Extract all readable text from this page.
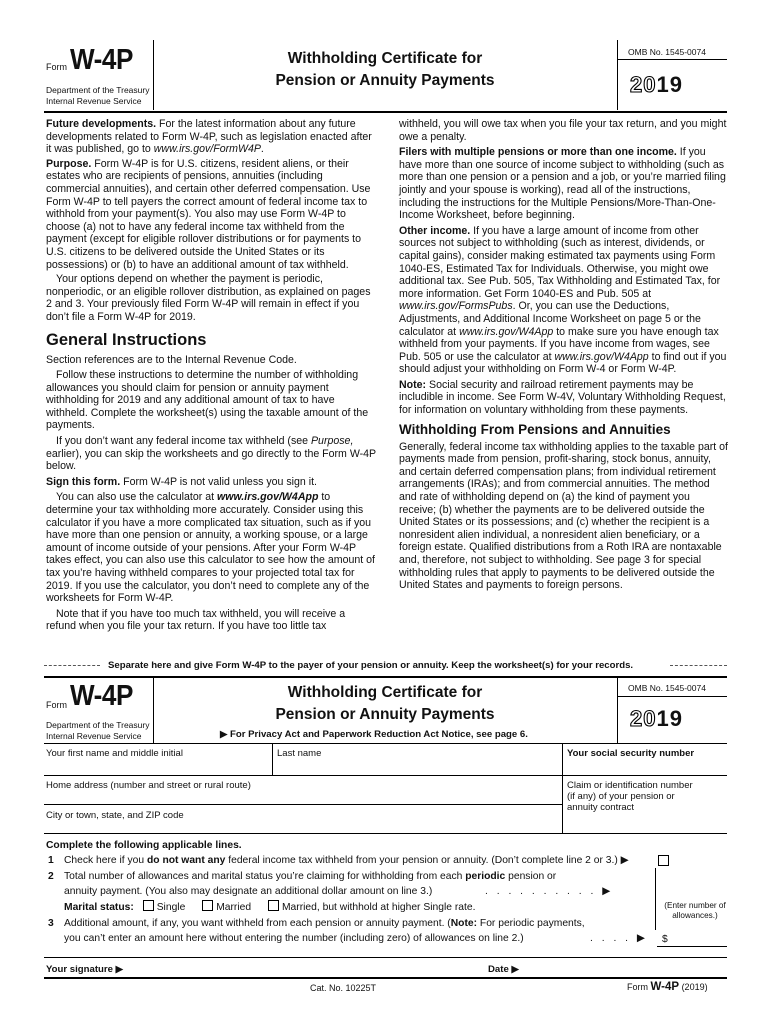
Form W-4P
Department of the Treasury
Internal Revenue Service
Withholding Certificate for
Pension or Annuity Payments
OMB No. 1545-0074
2019

Future developments. For the latest information about any future developments related to Form W-4P, such as legislation enacted after it was published, go to www.irs.gov/FormW4P.

Purpose. Form W-4P is for U.S. citizens, resident aliens, or their estates who are recipients of pensions, annuities (including commercial annuities), and certain other deferred compensation. Use Form W-4P to tell payers the correct amount of federal income tax to withhold from your payment(s). You also may use Form W-4P to choose (a) not to have any federal income tax withheld from the payment (except for eligible rollover distributions or for payments to U.S. citizens to be delivered outside the United States or its possessions) or (b) to have an additional amount of tax withheld.

Your options depend on whether the payment is periodic, nonperiodic, or an eligible rollover distribution, as explained on pages 2 and 3. Your previously filed Form W-4P will remain in effect if you don’t file a Form W-4P for 2019.

General Instructions

Section references are to the Internal Revenue Code.

Follow these instructions to determine the number of withholding allowances you should claim for pension or annuity payment withholding for 2019 and any additional amount of tax to have withheld. Complete the worksheet(s) using the taxable amount of the payments.

If you don’t want any federal income tax withheld (see Purpose, earlier), you can skip the worksheets and go directly to the Form W-4P below.

Sign this form. Form W-4P is not valid unless you sign it.

You can also use the calculator at www.irs.gov/W4App to determine your tax withholding more accurately. Consider using this calculator if you have a more complicated tax situation, such as if you have more than one pension or annuity, a working spouse, or a large amount of income outside of your pensions. After your Form W-4P takes effect, you can also use this calculator to see how the amount of tax you’re having withheld compares to your projected total tax for 2019. If you use the calculator, you don’t need to complete any of the worksheets for Form W-4P.

Note that if you have too much tax withheld, you will receive a refund when you file your tax return. If you have too little tax

withheld, you will owe tax when you file your tax return, and you might owe a penalty.

Filers with multiple pensions or more than one income. If you have more than one source of income subject to withholding (such as more than one pension or a pension and a job, or you’re married filing jointly and your spouse is working), read all of the instructions, including the instructions for the Multiple Pensions/More-Than-One-Income Worksheet, before beginning.

Other income. If you have a large amount of income from other sources not subject to withholding (such as interest, dividends, or capital gains), consider making estimated tax payments using Form 1040-ES, Estimated Tax for Individuals. Otherwise, you might owe additional tax. See Pub. 505, Tax Withholding and Estimated Tax, for more information. Get Form 1040-ES and Pub. 505 at www.irs.gov/FormsPubs. Or, you can use the Deductions, Adjustments, and Additional Income Worksheet on page 5 or the calculator at www.irs.gov/W4App to make sure you have enough tax withheld from your payments. If you have income from wages, see Pub. 505 or use the calculator at www.irs.gov/W4App to find out if you should adjust your withholding on Form W-4 or Form W-4P.

Note: Social security and railroad retirement payments may be includible in income. See Form W-4V, Voluntary Withholding Request, for information on voluntary withholding from these payments.

Withholding From Pensions and Annuities

Generally, federal income tax withholding applies to the taxable part of payments made from pension, profit-sharing, stock bonus, annuity, and certain deferred compensation plans; from individual retirement arrangements (IRAs); and from commercial annuities. The method and rate of withholding depend on (a) the kind of payment you receive; (b) whether the payments are to be delivered outside the United States or its possessions; and (c) whether the recipient is a nonresident alien individual, a nonresident alien beneficiary, or a foreign estate. Qualified distributions from a Roth IRA are nontaxable and, therefore, not subject to withholding. See page 3 for special withholding rules that apply to payments to be delivered outside the United States and payments to foreign persons.

Separate here and give Form W-4P to the payer of your pension or annuity. Keep the worksheet(s) for your records.
Form W-4P
Department of the Treasury
Internal Revenue Service
Withholding Certificate for
Pension or Annuity Payments
▶ For Privacy Act and Paperwork Reduction Act Notice, see page 6.
OMB No. 1545-0074
2019
Your first name and middle initial	Last name	Your social security number
Home address (number and street or rural route)	Claim or identification number (if any) of your pension or annuity contract
City or town, state, and ZIP code
Complete the following applicable lines.
1 Check here if you do not want any federal income tax withheld from your pension or annuity. (Don’t complete line 2 or 3.) ▶
2 Total number of allowances and marital status you’re claiming for withholding from each periodic pension or
annuity payment. (You also may designate an additional dollar amount on line 3.)	. . . . . . . . . . ▶
Marital status: Single	Married	Married, but withhold at higher Single rate.	(Enter number of allowances.)
3 Additional amount, if any, you want withheld from each pension or annuity payment. (Note: For periodic payments,
you can’t enter an amount here without entering the number (including zero) of allowances on line 2.)	. . . . ▶ $
Your signature ▶	Date ▶
Cat. No. 10225T	Form W-4P (2019)
